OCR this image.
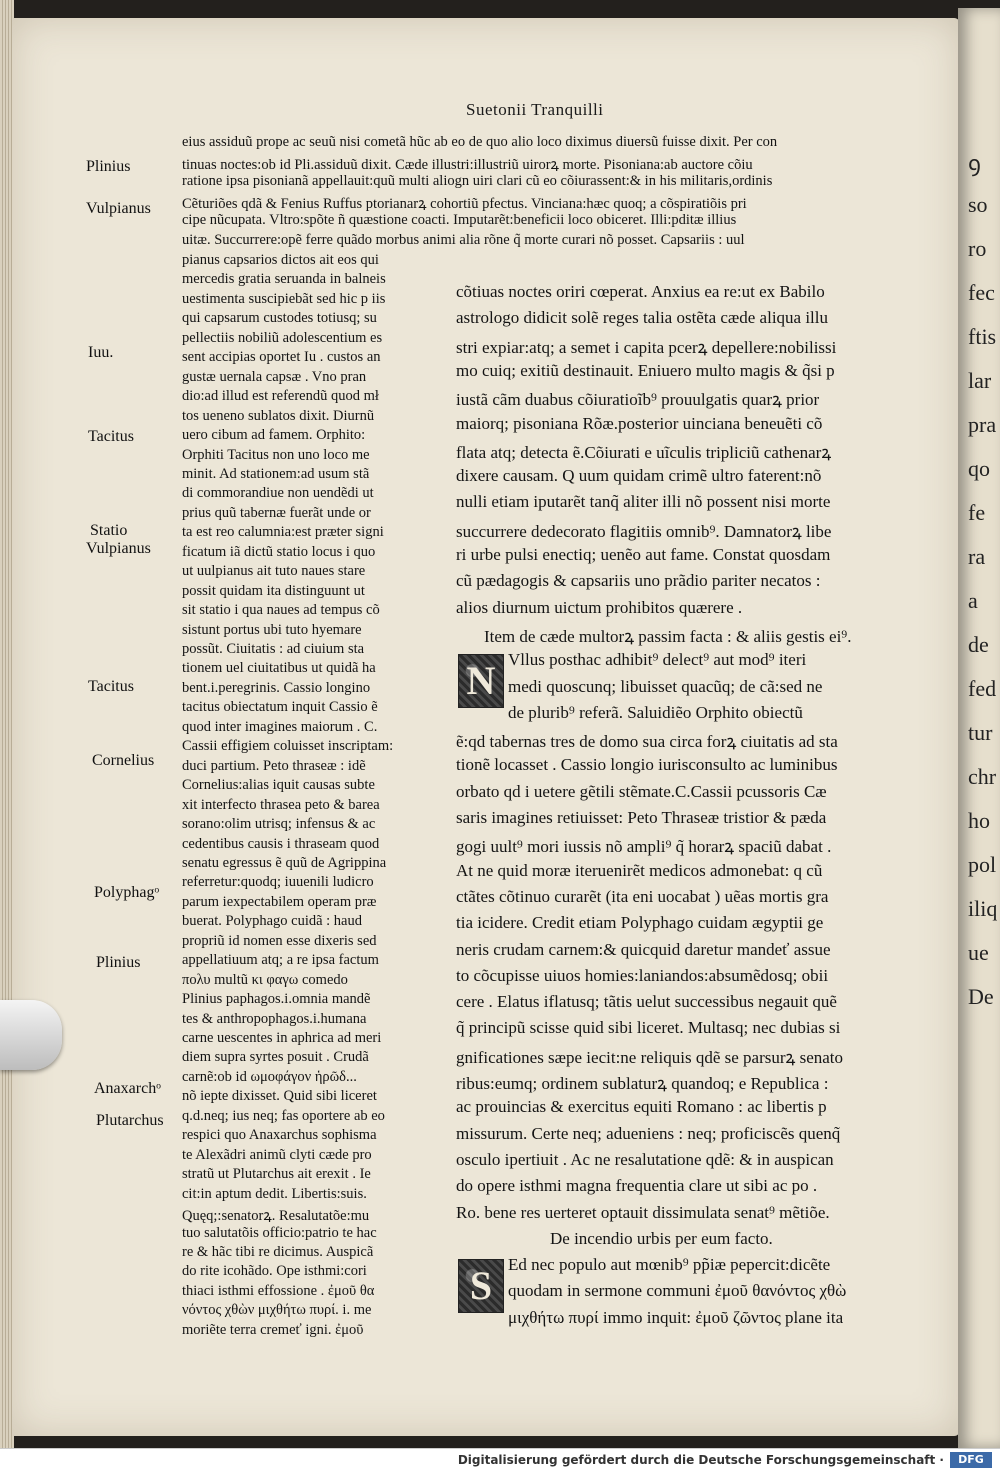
ꝯ
so
ro
fec
ftis
lar
pra
qo
fe
ra
a
de
fed
tur
chr
ho
pol
iliq
ue
De
Suetonii Tranquilli
Plinius
Vulpianus
Iuu.
Tacitus
Statio
Vulpianus
Tacitus
Cornelius
Polyphagᵒ
Plinius
Anaxarchᵒ
Plutarchus
eius assiduũ prope ac seuũ nisi cometã hũc ab eo de quo alio loco diximus diuersũ fuisse dixit. Per con
tinuas noctes:ob id Pli.assiduũ dixit. Cæde illustri:illustriũ uirorꝝ morte. Pisoniana:ab auctore cõiu
ratione ipsa pisonianã appellauit:quũ multi aliogn uiri clari cũ eo cõiurassent:& in his militaris,ordinis
Cẽturiões qdã & Fenius Ruffus ptorianarꝝ cohortiũ pfectus. Vinciana:hæc quoq; a cõspiratiõis pri
cipe nũcupata. Vltro:spõte ñ quæstione coacti. Imputarẽt:beneficii loco obiceret. Illi:pditæ illius
uitæ. Succurrere:opẽ ferre quãdo morbus animi alia rõne q̃ morte curari nõ posset. Capsariis : uul
pianus capsarios dictos ait eos qui
mercedis gratia seruanda in balneis
uestimenta suscipiebãt sed hic p iis
qui capsarum custodes totiusq; su
pellectiis nobiliũ adolescentium es
sent accipias oportet Iu . custos an
gustæ uernala capsæ . Vno pran
dio:ad illud est referendũ quod mł
tos ueneno sublatos dixit. Diurnũ
uero cibum ad famem. Orphito:
Orphiti Tacitus non uno loco me
minit. Ad stationem:ad usum stã
di commorandiue non uendẽdi ut
prius quũ tabernæ fuerãt unde or
ta est reo calumnia:est præter signi
ficatum iã dictũ statio locus i quo
ut uulpianus ait tuto naues stare
possit quidam ita distinguunt ut
sit statio i qua naues ad tempus cõ
sistunt portus ubi tuto hyemare
possũt. Ciuitatis : ad ciuium sta
tionem uel ciuitatibus ut quidã ha
bent.i.peregrinis. Cassio longino
tacitus obiectatum inquit Cassio ẽ
quod inter imagines maiorum . C.
Cassii effigiem coluisset inscriptam:
duci partium. Peto thraseæ : idẽ
Cornelius:alias iquit causas subte
xit interfecto thrasea peto & barea
sorano:olim utrisq; infensus & ac
cedentibus causis i thraseam quod
senatu egressus ẽ quũ de Agrippina
referretur:quodq; iuuenili ludicro
parum iexpectabilem operam præ
buerat. Polyphago cuidã : haud
propriũ id nomen esse dixeris sed
appellatiuum atq; a re ipsa factum
πολυ multũ κι φαγω comedo
Plinius paphagos.i.omnia mandẽ
tes & anthropophagos.i.humana
carne uescentes in aphrica ad meri
diem supra syrtes posuit . Crudã
carnẽ:ob id ωμοφάγον ἡρῶδ...
nõ iepte dixisset. Quid sibi liceret
q.d.neq; ius neq; fas oportere ab eo
respici quo Anaxarchus sophisma
te Alexãdri animũ clyti cæde pro
stratũ ut Plutarchus ait erexit . Ie
cit:in aptum dedit. Libertis:suis.
Quęq;:senatorꝝ. Resalutatõe:mu
tuo salutatõis officio:patrio te hac
re & hãc tibi re dicimus. Auspicã
do rite icohãdo. Ope isthmi:cori
thiaci isthmi effossione . ἐμοῦ θα
νόντος χθὼν μιχθήτω πυρί. i. me
moriẽte terra cremeť igni. ἐμοῦ
cõtiuas noctes oriri cœperat. Anxius ea re:ut ex Babilo
astrologo didicit solẽ reges talia ostẽta cæde aliqua illu
stri expiar:atq; a semet i capita pcerꝝ depellere:nobilissi
mo cuiq; exitiũ destinauit. Eniuero multo magis & q̃si p
iustã cãm duabus cõiuratioĩb⁹ prouulgatis quarꝝ prior
maiorq; pisoniana Rõæ.posterior uinciana beneuẽti cõ
flata atq; detecta ẽ.Cõiurati e uĩculis tripliciũ cathenarꝝ
dixere causam. Q uum quidam crimẽ ultro faterent:nõ
nulli etiam iputarẽt tanq̃ aliter illi nõ possent nisi morte
succurrere dedecorato flagitiis omnib⁹. Damnatorꝝ libe
ri urbe pulsi enectiq; uenẽo aut fame. Constat quosdam
cũ pædagogis & capsariis uno prãdio pariter necatos :
alios diurnum uictum prohibitos quærere .
Item de cæde multorꝝ passim facta : & aliis gestis ei⁹.
N Vllus posthac adhibit⁹ delect⁹ aut mod⁹ iteri
medi quoscunq; libuisset quacũq; de cã:sed ne
de plurib⁹ referã. Saluidiẽo Orphito obiectũ
ẽ:qd tabernas tres de domo sua circa forꝝ ciuitatis ad sta
tionẽ locasset . Cassio longio iurisconsulto ac luminibus
orbato qd i uetere gẽtili stẽmate.C.Cassii pcussoris Cæ
saris imagines retiuisset: Peto Thraseæ tristior & pæda
gogi uult⁹ mori iussis nõ ampli⁹ q̃ horarꝝ spaciũ dabat .
At ne quid moræ iteruenirẽt medicos admonebat: q cũ
ctãtes cõtinuo curarẽt (ita eni uocabat ) uẽas mortis gra
tia icidere. Credit etiam Polyphago cuidam ægyptii ge
neris crudam carnem:& quicquid daretur mandeť assue
to cõcupisse uiuos homies:laniandos:absumẽdosq; obii
cere . Elatus iflatusq; tãtis uelut successibus negauit quẽ
q̃ principũ scisse quid sibi liceret. Multasq; nec dubias si
gnificationes sæpe iecit:ne reliquis qdẽ se parsurꝝ senato
ribus:eumq; ordinem sublaturꝝ quandoq; e Republica :
ac prouincias & exercitus equiti Romano : ac libertis p
missurum. Certe neq; adueniens : neq; proficiscẽs quenq̃
osculo ipertiuit . Ac ne resalutatione qdẽ: & in auspican
do opere isthmi magna frequentia clare ut sibi ac po .
Ro. bene res uerteret optauit dissimulata senat⁹ mẽtiõe.
De incendio urbis per eum facto.
S Ed nec populo aut mœnib⁹ pp̃iæ pepercit:dicẽte
quodam in sermone communi ἐμοῦ θανόντος χθὼ
μιχθήτω πυρί immo inquit: ἐμοῦ ζῶντος plane ita
Digitalisierung gefördert durch die Deutsche Forschungsgemeinschaft ·	DFG
